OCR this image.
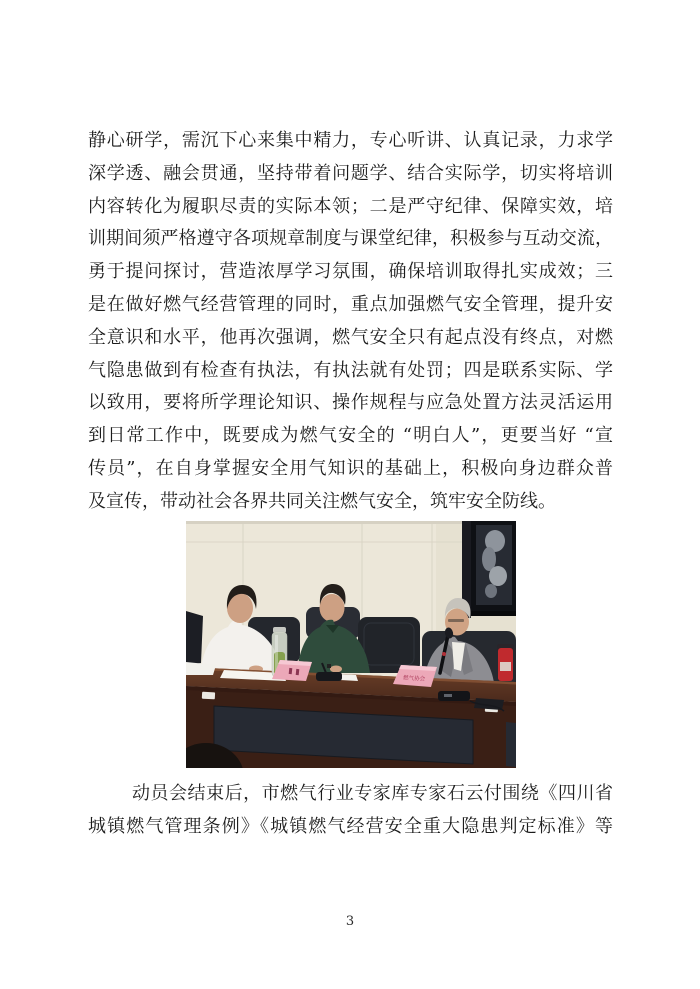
静心研学，需沉下心来集中精力，专心听讲、认真记录，力求学
深学透、融会贯通，坚持带着问题学、结合实际学，切实将培训
内容转化为履职尽责的实际本领；二是严守纪律、保障实效，培
训期间须严格遵守各项规章制度与课堂纪律，积极参与互动交流，
勇于提问探讨，营造浓厚学习氛围，确保培训取得扎实成效；三
是在做好燃气经营管理的同时，重点加强燃气安全管理，提升安
全意识和水平，他再次强调，燃气安全只有起点没有终点，对燃
气隐患做到有检查有执法，有执法就有处罚；四是联系实际、学
以致用，要将所学理论知识、操作规程与应急处置方法灵活运用
到日常工作中，既要成为燃气安全的 “明白人”，更要当好 “宣
传员”，在自身掌握安全用气知识的基础上，积极向身边群众普
及宣传，带动社会各界共同关注燃气安全，筑牢安全防线。
燃气协会
动员会结束后，市燃气行业专家库专家石云付围绕《四川省
城镇燃气管理条例》《城镇燃气经营安全重大隐患判定标准》等
3
